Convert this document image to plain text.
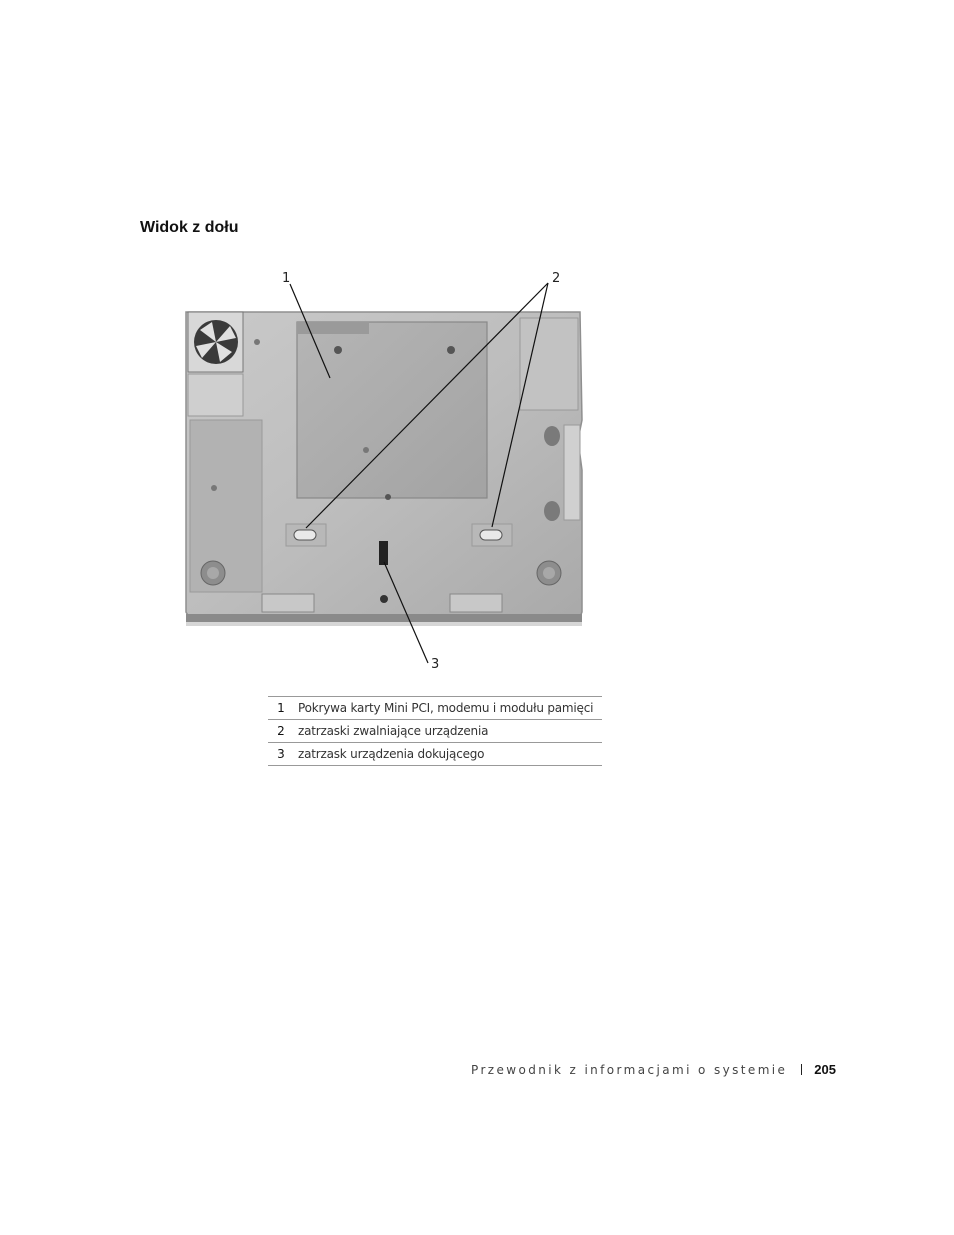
Widok z dołu
1	2
3
1	Pokrywa karty Mini PCI, modemu i modułu pamięci
2	zatrzaski zwalniające urządzenia
3	zatrzask urządzenia dokującego
Przewodnik z informacjami o systemie 205
